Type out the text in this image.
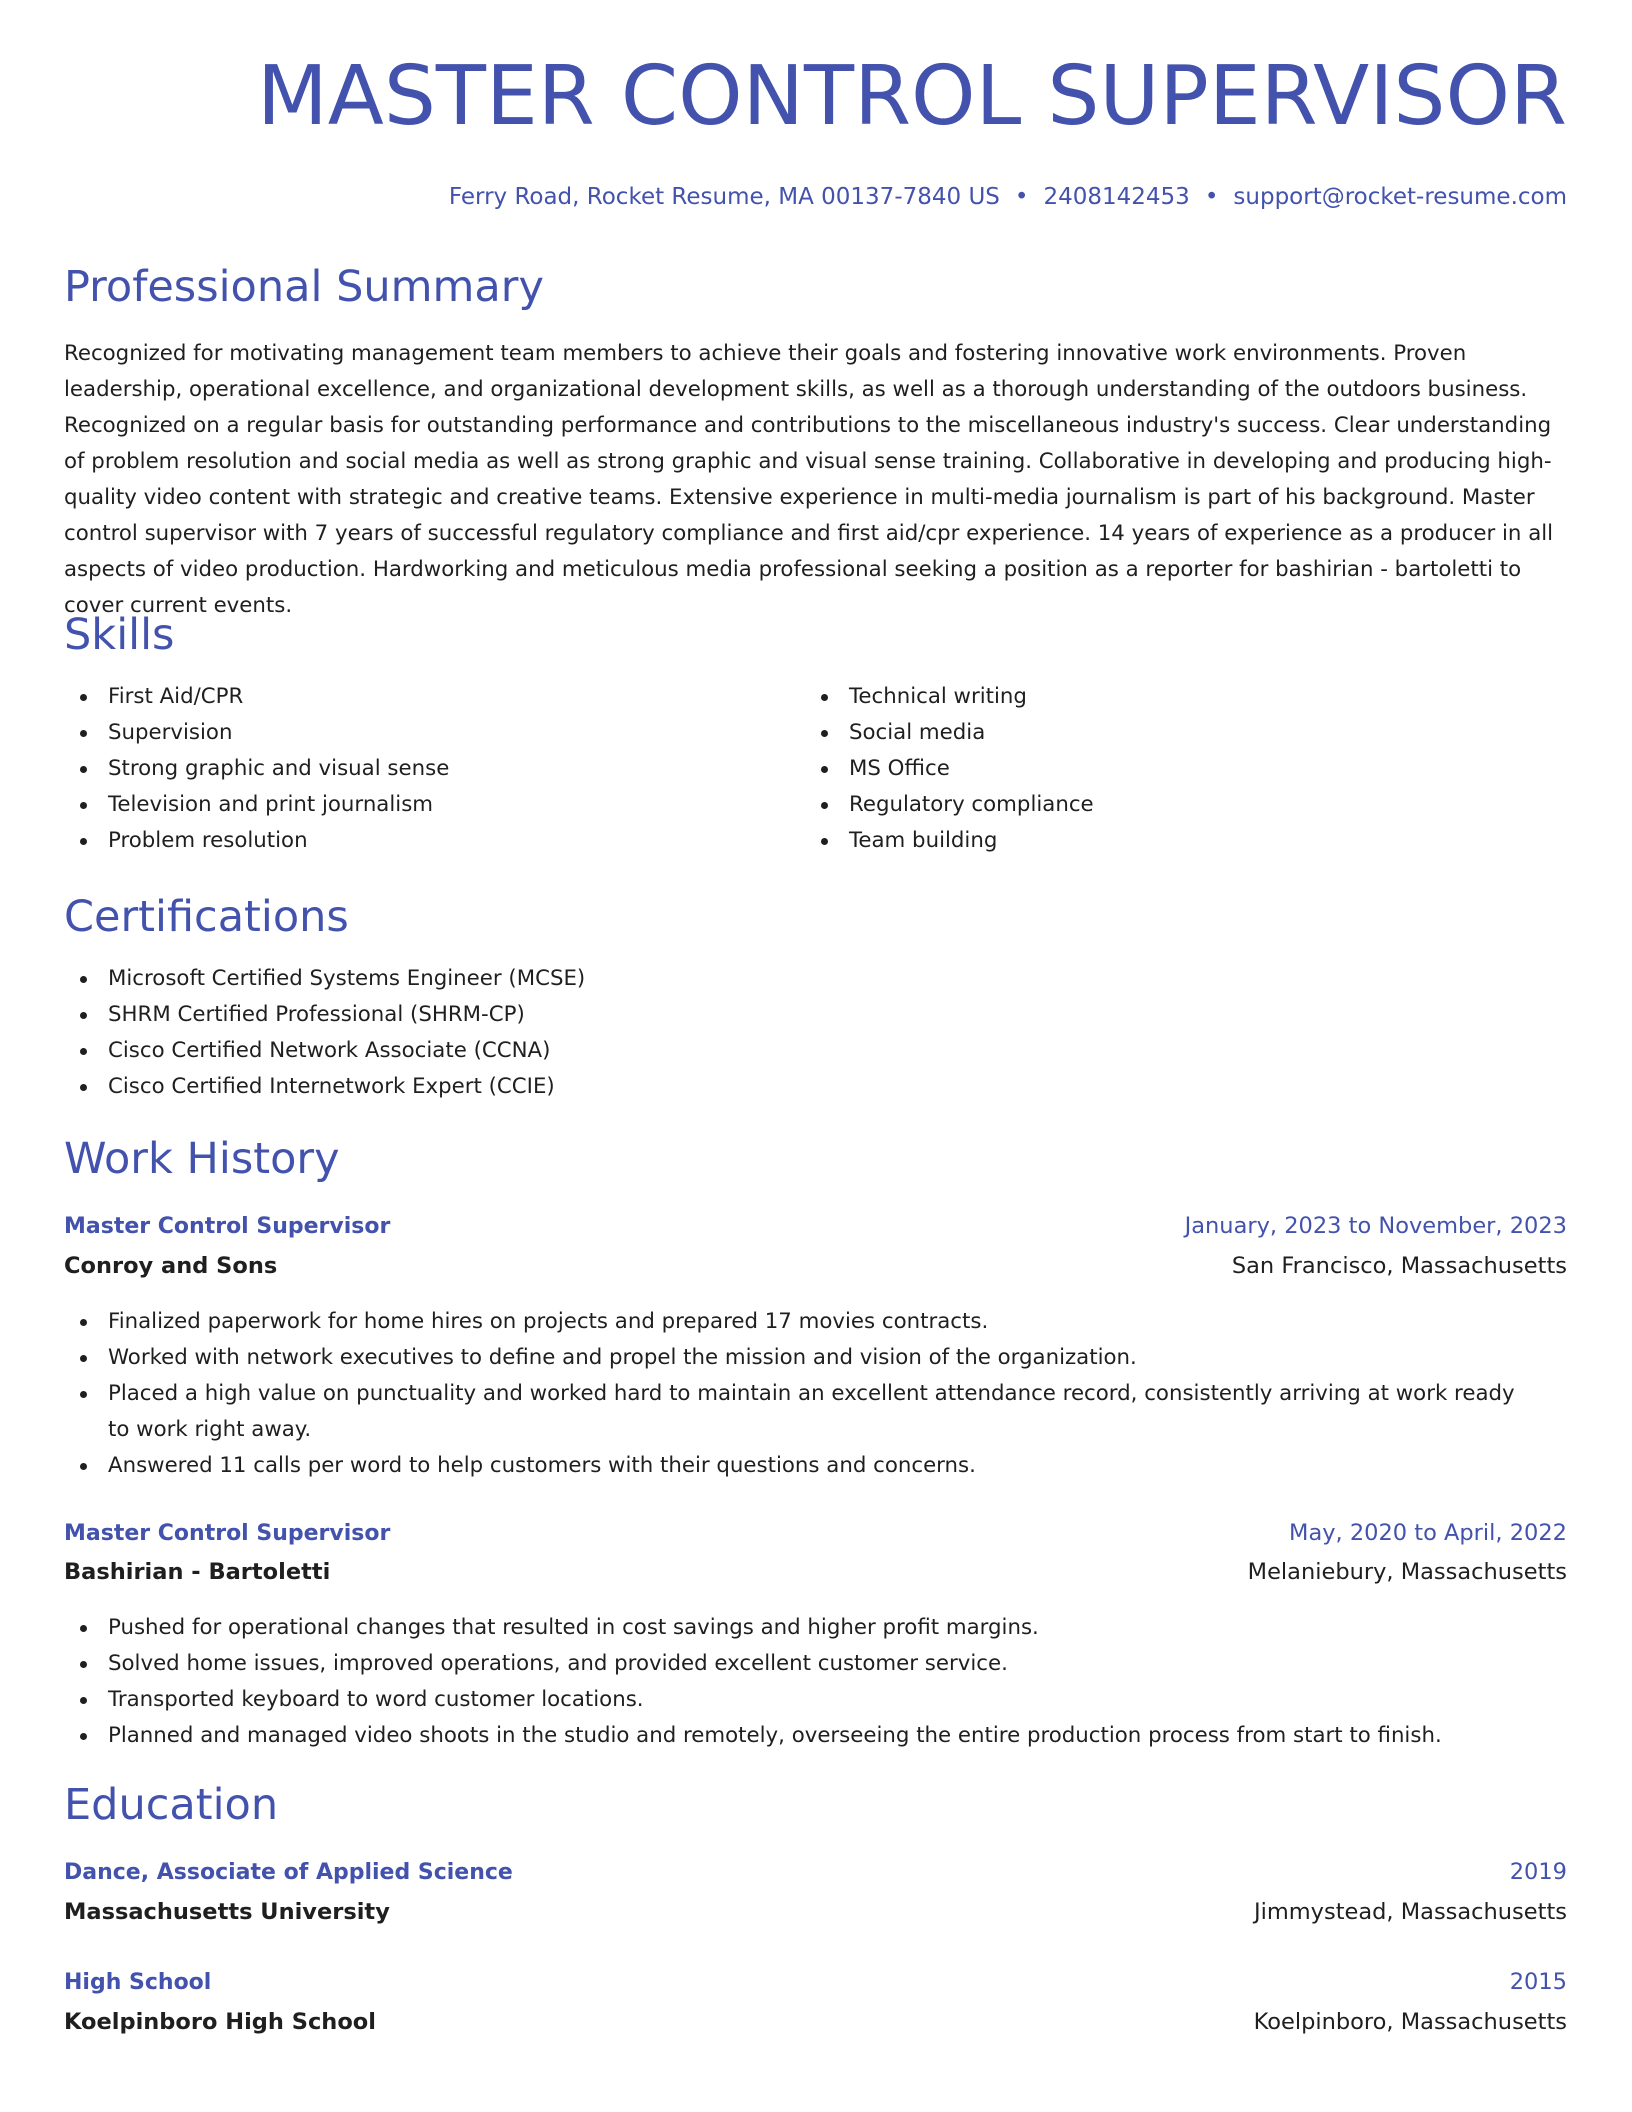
MASTER CONTROL SUPERVISOR
Ferry Road, Rocket Resume, MA 00137-7840 US • 2408142453 • support@rocket-resume.com
Professional Summary

Recognized for motivating management team members to achieve their goals and fostering innovative work environments. Proven leadership, operational excellence, and organizational development skills, as well as a thorough understanding of the outdoors business. Recognized on a regular basis for outstanding performance and contributions to the miscellaneous industry's success. Clear understanding of problem resolution and social media as well as strong graphic and visual sense training. Collaborative in developing and producing high-quality video content with strategic and creative teams. Extensive experience in multi-media journalism is part of his background. Master control supervisor with 7 years of successful regulatory compliance and first aid/cpr experience. 14 years of experience as a producer in all aspects of video production. Hardworking and meticulous media professional seeking a position as a reporter for bashirian - bartoletti to cover current events.

Skills
First Aid/CPR
Supervision
Strong graphic and visual sense
Television and print journalism
Problem resolution
Technical writing
Social media
MS Office
Regulatory compliance
Team building
Certifications
Microsoft Certified Systems Engineer (MCSE)
SHRM Certified Professional (SHRM-CP)
Cisco Certified Network Associate (CCNA)
Cisco Certified Internetwork Expert (CCIE)
Work History
Master Control Supervisor	January, 2023 to November, 2023
Conroy and Sons	San Francisco, Massachusetts
Finalized paperwork for home hires on projects and prepared 17 movies contracts.
Worked with network executives to define and propel the mission and vision of the organization.
Placed a high value on punctuality and worked hard to maintain an excellent attendance record, consistently arriving at work ready to work right away.
Answered 11 calls per word to help customers with their questions and concerns.
Master Control Supervisor	May, 2020 to April, 2022
Bashirian - Bartoletti	Melaniebury, Massachusetts
Pushed for operational changes that resulted in cost savings and higher profit margins.
Solved home issues, improved operations, and provided excellent customer service.
Transported keyboard to word customer locations.
Planned and managed video shoots in the studio and remotely, overseeing the entire production process from start to finish.
Education
Dance, Associate of Applied Science	2019
Massachusetts University	Jimmystead, Massachusetts
High School	2015
Koelpinboro High School	Koelpinboro, Massachusetts
